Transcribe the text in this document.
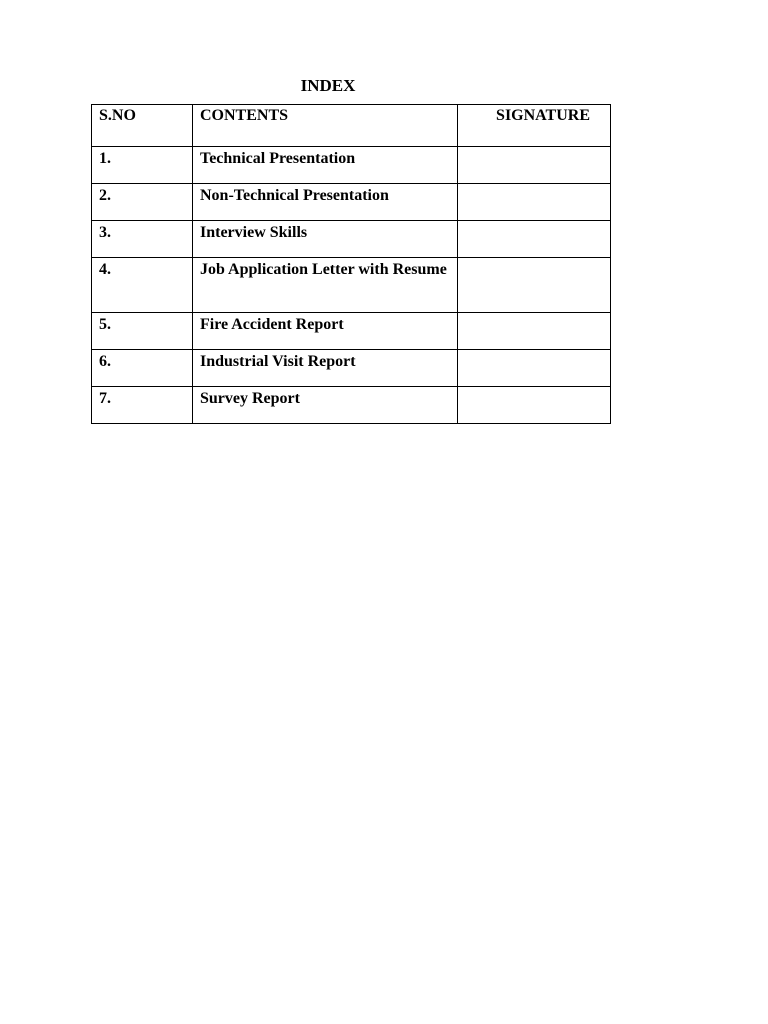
INDEX
S.NO	CONTENTS	SIGNATURE
1.	Technical Presentation	
2.	Non-Technical Presentation	
3.	Interview Skills	
4.	Job Application Letter with Resume	
5.	Fire Accident Report	
6.	Industrial Visit Report	
7.	Survey Report	
